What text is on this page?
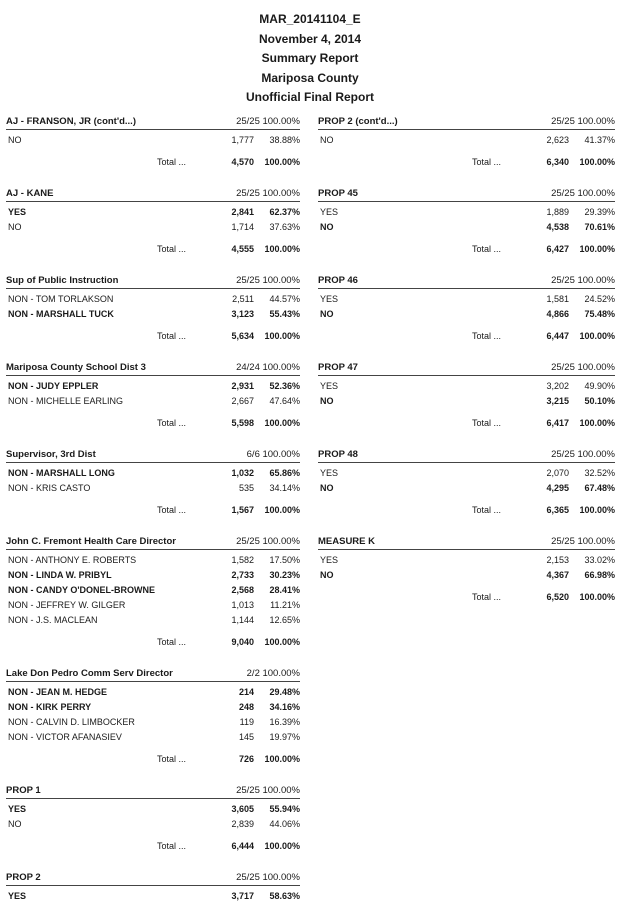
MAR_20141104_E
November 4, 2014
Summary Report
Mariposa County
Unofficial Final Report
AJ - FRANSON, JR (cont'd...)	25/25 100.00%
NO	1,777	38.88%
Total ...	4,570	100.00%
AJ - KANE	25/25 100.00%
YES	2,841	62.37%
NO	1,714	37.63%
Total ...	4,555	100.00%
Sup of Public Instruction	25/25 100.00%
NON - TOM TORLAKSON	2,511	44.57%
NON - MARSHALL TUCK	3,123	55.43%
Total ...	5,634	100.00%
Mariposa County School Dist 3	24/24 100.00%
NON - JUDY EPPLER	2,931	52.36%
NON - MICHELLE EARLING	2,667	47.64%
Total ...	5,598	100.00%
Supervisor, 3rd Dist	6/6 100.00%
NON - MARSHALL LONG	1,032	65.86%
NON - KRIS CASTO	535	34.14%
Total ...	1,567	100.00%
John C. Fremont Health Care Director	25/25 100.00%
NON - ANTHONY E. ROBERTS	1,582	17.50%
NON - LINDA W. PRIBYL	2,733	30.23%
NON - CANDY O'DONEL-BROWNE	2,568	28.41%
NON - JEFFREY W. GILGER	1,013	11.21%
NON - J.S. MACLEAN	1,144	12.65%
Total ...	9,040	100.00%
Lake Don Pedro Comm Serv Director	2/2 100.00%
NON - JEAN M. HEDGE	214	29.48%
NON - KIRK PERRY	248	34.16%
NON - CALVIN D. LIMBOCKER	119	16.39%
NON - VICTOR AFANASIEV	145	19.97%
Total ...	726	100.00%
PROP 1	25/25 100.00%
YES	3,605	55.94%
NO	2,839	44.06%
Total ...	6,444	100.00%
PROP 2	25/25 100.00%
YES	3,717	58.63%
PROP 2 (cont'd...)	25/25 100.00%
NO	2,623	41.37%
Total ...	6,340	100.00%
PROP 45	25/25 100.00%
YES	1,889	29.39%
NO	4,538	70.61%
Total ...	6,427	100.00%
PROP 46	25/25 100.00%
YES	1,581	24.52%
NO	4,866	75.48%
Total ...	6,447	100.00%
PROP 47	25/25 100.00%
YES	3,202	49.90%
NO	3,215	50.10%
Total ...	6,417	100.00%
PROP 48	25/25 100.00%
YES	2,070	32.52%
NO	4,295	67.48%
Total ...	6,365	100.00%
MEASURE K	25/25 100.00%
YES	2,153	33.02%
NO	4,367	66.98%
Total ...	6,520	100.00%
